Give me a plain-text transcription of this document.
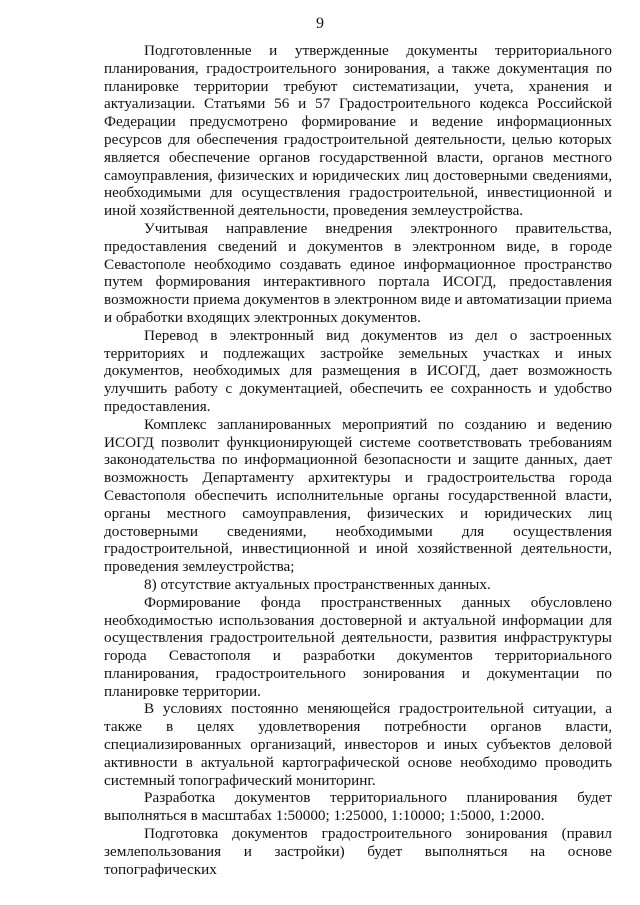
9

Подготовленные и утвержденные документы территориального планирования, градостроительного зонирования, а также документация по планировке территории требуют систематизации, учета, хранения и актуализации. Статьями 56 и 57 Градостроительного кодекса Российской Федерации предусмотрено формирование и ведение информационных ресурсов для обеспечения градостроительной деятельности, целью которых является обеспечение органов государственной власти, органов местного самоуправления, физических и юридических лиц достоверными сведениями, необходимыми для осуществления градостроительной, инвестиционной и иной хозяйственной деятельности, проведения землеустройства.

Учитывая направление внедрения электронного правительства, предоставления сведений и документов в электронном виде, в городе Севастополе необходимо создавать единое информационное пространство путем формирования интерактивного портала ИСОГД, предоставления возможности приема документов в электронном виде и автоматизации приема и обработки входящих электронных документов.

Перевод в электронный вид документов из дел о застроенных территориях и подлежащих застройке земельных участках и иных документов, необходимых для размещения в ИСОГД, дает возможность улучшить работу с документацией, обеспечить ее сохранность и удобство предоставления.

Комплекс запланированных мероприятий по созданию и ведению ИСОГД позволит функционирующей системе соответствовать требованиям законодательства по информационной безопасности и защите данных, дает возможность Департаменту архитектуры и градостроительства города Севастополя обеспечить исполнительные органы государственной власти, органы местного самоуправления, физических и юридических лиц достоверными сведениями, необходимыми для осуществления градостроительной, инвестиционной и иной хозяйственной деятельности, проведения землеустройства;

8) отсутствие актуальных пространственных данных.

Формирование фонда пространственных данных обусловлено необходимостью использования достоверной и актуальной информации для осуществления градостроительной деятельности, развития инфраструктуры города Севастополя и разработки документов территориального планирования, градостроительного зонирования и документации по планировке территории.

В условиях постоянно меняющейся градостроительной ситуации, а также в целях удовлетворения потребности органов власти, специализированных организаций, инвесторов и иных субъектов деловой активности в актуальной картографической основе необходимо проводить системный топографический мониторинг.

Разработка документов территориального планирования будет выполняться в масштабах 1:50000; 1:25000, 1:10000; 1:5000, 1:2000.

Подготовка документов градостроительного зонирования (правил землепользования и застройки) будет выполняться на основе топографических
